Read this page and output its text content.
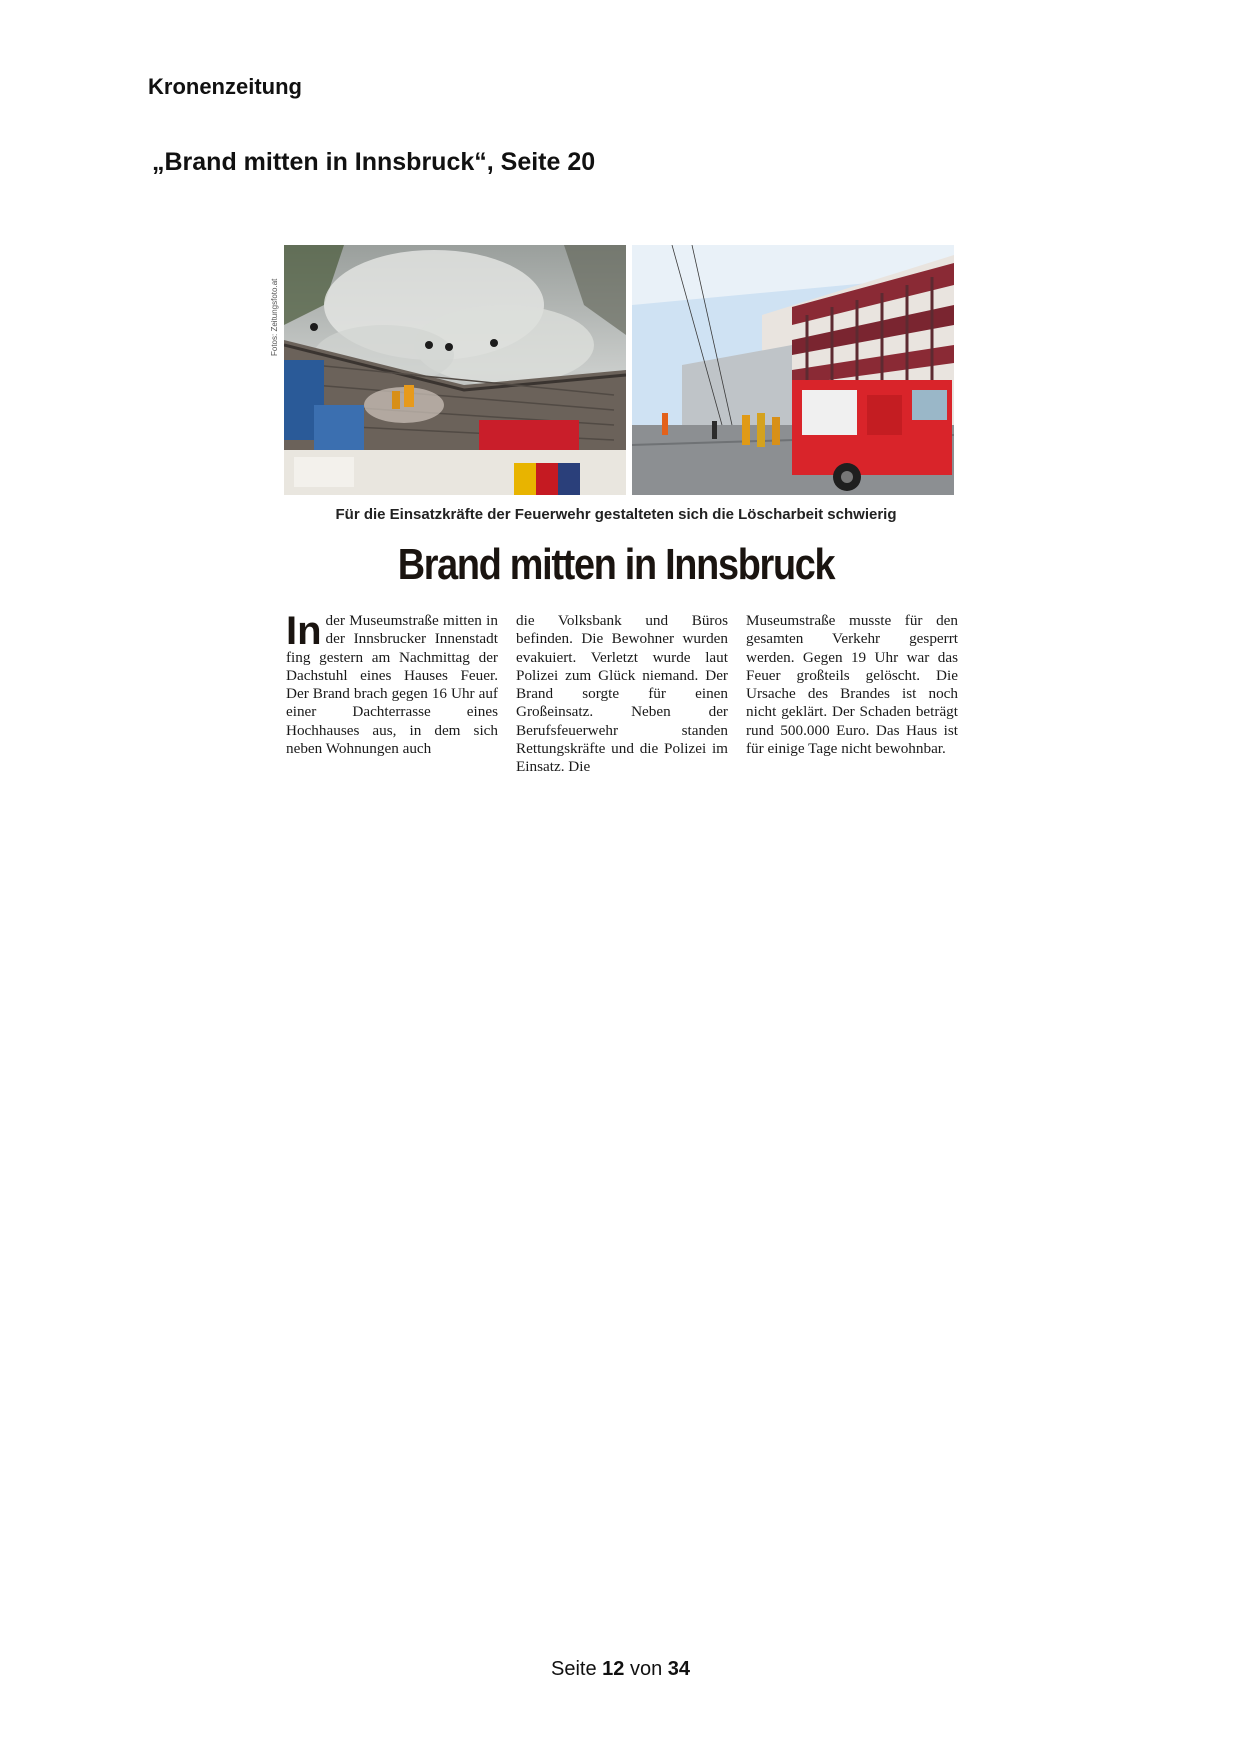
Kronenzeitung
„Brand mitten in Innsbruck“, Seite 20
Fotos: Zeitungsfoto.at
Für die Einsatzkräfte der Feuerwehr gestalteten sich die Löscharbeit schwierig
Brand mitten in Innsbruck
In der Museumstraße mitten in der Innsbrucker Innenstadt fing gestern am Nachmittag der Dachstuhl eines Hauses Feuer. Der Brand brach gegen 16 Uhr auf einer Dachterrasse eines Hochhauses aus, in dem sich neben Wohnungen auch
die Volksbank und Büros befinden. Die Bewohner wurden evakuiert. Verletzt wurde laut Polizei zum Glück niemand. Der Brand sorgte für einen Großeinsatz. Neben der Berufsfeuerwehr standen Rettungskräfte und die Polizei im Einsatz. Die
Museumstraße musste für den gesamten Verkehr gesperrt werden. Gegen 19 Uhr war das Feuer großteils gelöscht. Die Ursache des Brandes ist noch nicht geklärt. Der Schaden beträgt rund 500.000 Euro. Das Haus ist für einige Tage nicht bewohnbar.
Seite 12 von 34
